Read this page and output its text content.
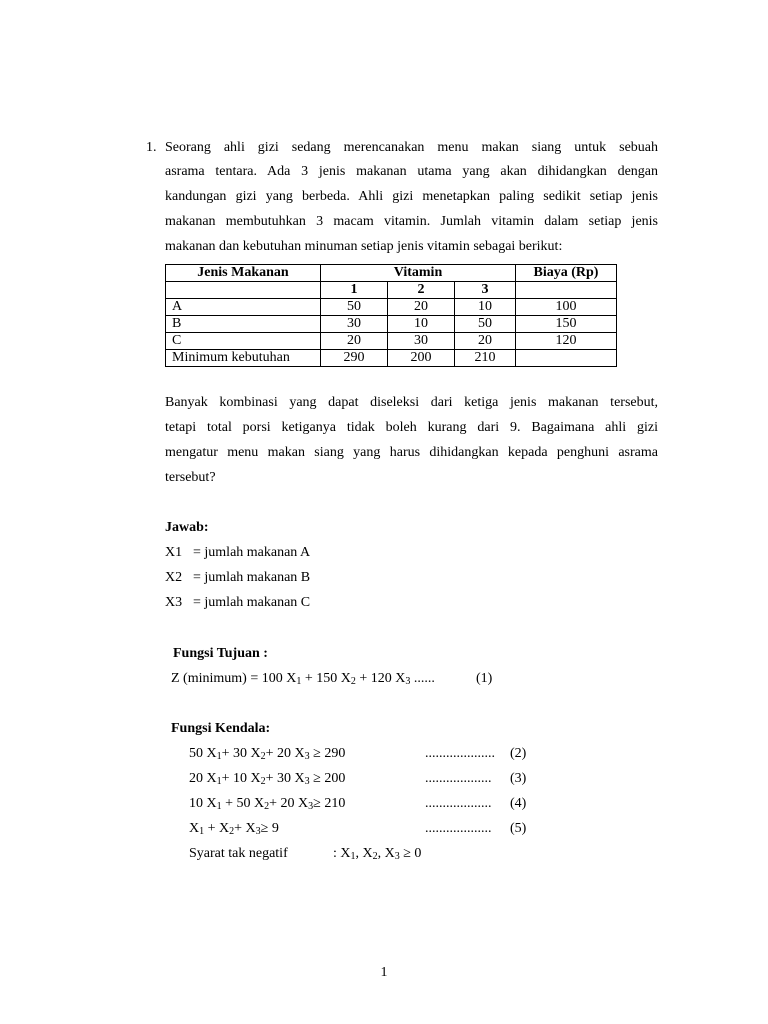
1. Seorang ahli gizi sedang merencanakan menu makan siang untuk sebuah
asrama tentara. Ada 3 jenis makanan utama yang akan dihidangkan dengan
kandungan gizi yang berbeda. Ahli gizi menetapkan paling sedikit setiap jenis
makanan membutuhkan 3 macam vitamin. Jumlah vitamin dalam setiap jenis
makanan dan kebutuhan minuman setiap jenis vitamin sebagai berikut:
Jenis Makanan	Vitamin			Biaya (Rp)
	1	2	3	
A	50	20	10	100
B	30	10	50	150
C	20	30	20	120
Minimum kebutuhan	290	200	210	
Banyak kombinasi yang dapat diseleksi dari ketiga jenis makanan tersebut,
tetapi total porsi ketiganya tidak boleh kurang dari 9. Bagaimana ahli gizi
mengatur menu makan siang yang harus dihidangkan kepada penghuni asrama
tersebut?
Jawab:
X1 = jumlah makanan A
X2 = jumlah makanan B
X3 = jumlah makanan C
Fungsi Tujuan :
Z (minimum) = 100 $X_1 + 150$ $X_2 + 120$ $X_3$ ......	(1)
Fungsi Kendala:
50 $X_1+ 30$ $X_2+ 20$ $X_3 \ge 290$	.................... (2)
20 $X_1+ 10$ $X_2+ 30$ $X_3 \ge 200$	................... (3)
10 $X_1 + 50$ $X_2+ 20$ $X_3\ge 210$	................... (4)
$X_1 + X_2+ X_3\ge 9$	................... (5)
Syarat tak negatif	: $X_1$, $X_2$, $X_3 \ge 0$
1
